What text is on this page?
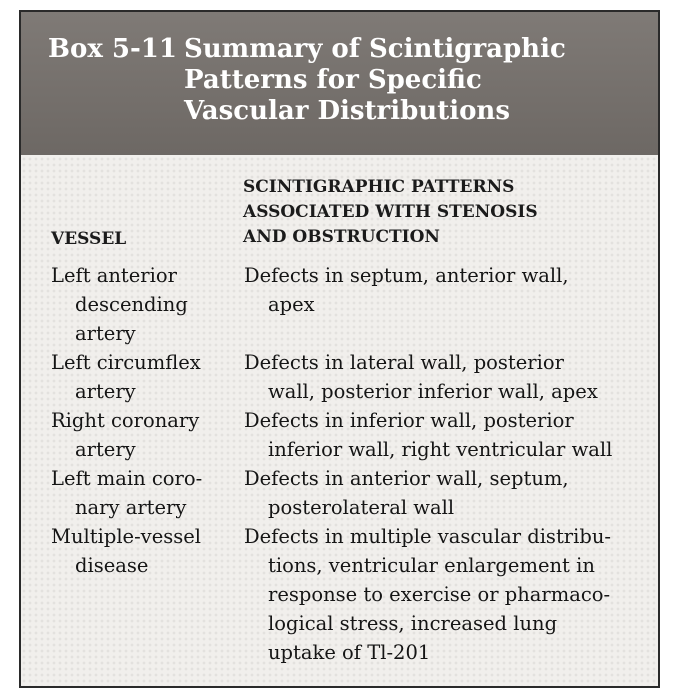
Box 5-11 Summary of Scintigraphic
Patterns for Specific
Vascular Distributions
SCINTIGRAPHIC PATTERNS
ASSOCIATED WITH STENOSIS
AND OBSTRUCTION
VESSEL
Left anterior
descending
artery
Defects in septum, anterior wall,
apex
Left circumflex
artery
Defects in lateral wall, posterior
wall, posterior inferior wall, apex
Right coronary
artery
Defects in inferior wall, posterior
inferior wall, right ventricular wall
Left main coro-
nary artery
Defects in anterior wall, septum,
posterolateral wall
Multiple-vessel
disease
Defects in multiple vascular distribu-
tions, ventricular enlargement in
response to exercise or pharmaco-
logical stress, increased lung
uptake of Tl-201
